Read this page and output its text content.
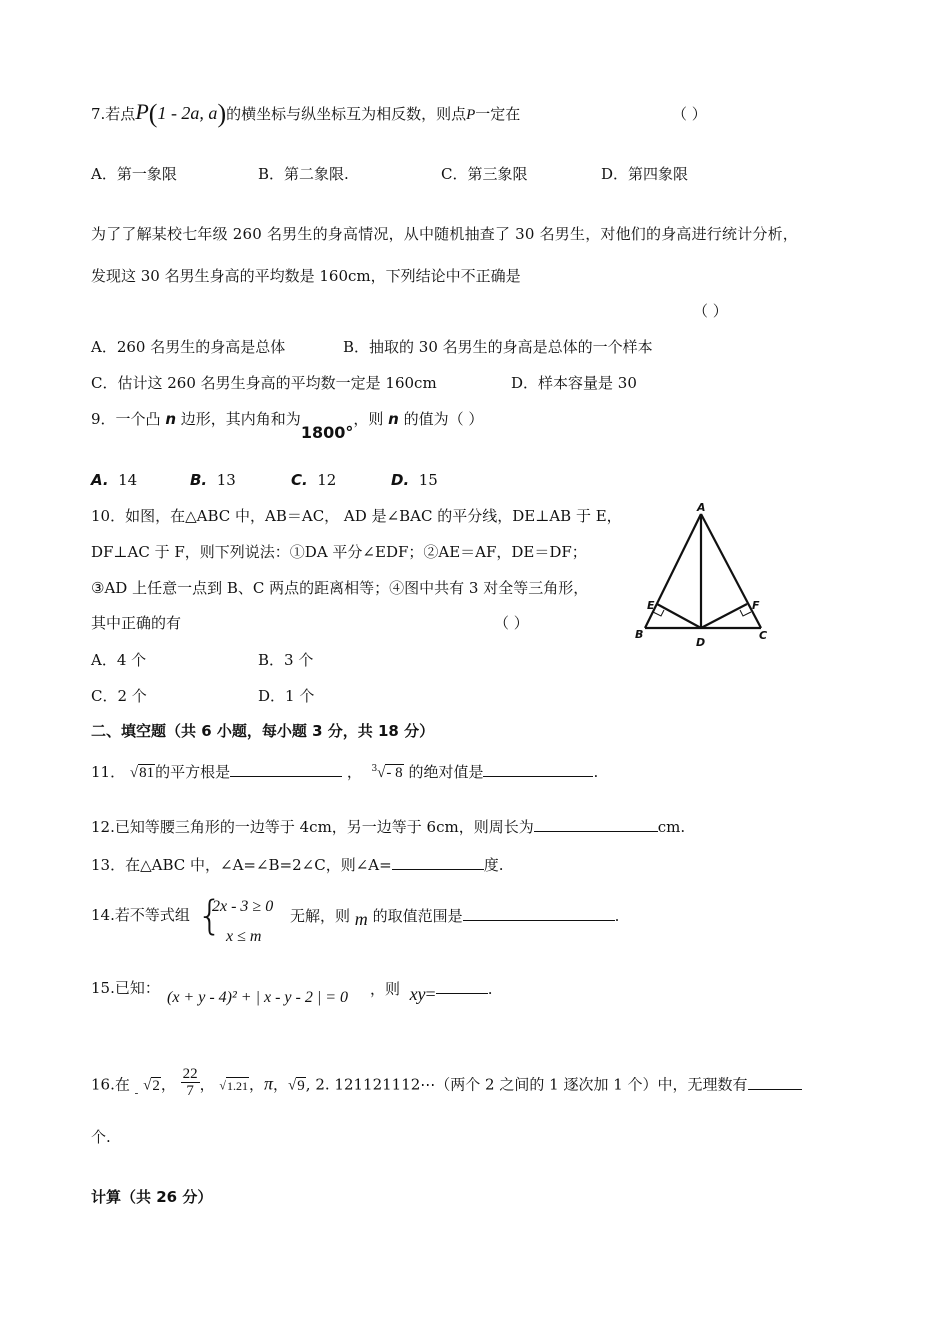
7.若点P(1 - 2a, a)的横坐标与纵坐标互为相反数，则点P一定在	（ ）
A．第一象限	B．第二象限.	C．第三象限	D．第四象限
为了了解某校七年级 260 名男生的身高情况，从中随机抽查了 30 名男生，对他们的身高进行统计分析，
发现这 30 名男生身高的平均数是 160cm，下列结论中不正确是
（ ）
A．260 名男生的身高是总体	B．抽取的 30 名男生的身高是总体的一个样本
C．估计这 260 名男生身高的平均数一定是 160cm	D．样本容量是 30
9．一个凸 n 边形，其内角和为1800°，则 n 的值为（ ）
A. 14	B. 13	C. 12	D. 15
10．如图，在△ABC 中，AB＝AC， AD 是∠BAC 的平分线，DE⊥AB 于 E，
DF⊥AC 于 F，则下列说法：①DA 平分∠EDF；②AE＝AF，DE＝DF；
③AD 上任意一点到 B、C 两点的距离相等；④图中共有 3 对全等三角形，
其中正确的有	（ ）
A．4 个	B．3 个
C．2 个	D．1 个
A
B	C
D
E	F
二、填空题（共 6 小题，每小题 3 分，共 18 分）
11． √81的平方根是	，  $^3$√- 8 的绝对值是	.
12.已知等腰三角形的一边等于 4cm，另一边等于 6cm，则周长为	cm.
13．在△ABC 中，∠A=∠B=2∠C，则∠A=	度.
14.若不等式组 {
2x - 3 ≥ 0
x ≤ m
无解，则 m 的取值范围是	.
15.已知：
(x + y - 4)² + | x - y - 2 | = 0 ，则 xy=	.
16.在 $_-$ √2， $\frac{22}{7}$ ， √1.21，π，√9, 2. 121121112⋯（两个 2 之间的 1 逐次加 1 个）中，无理数有
个.
计算（共 26 分）
